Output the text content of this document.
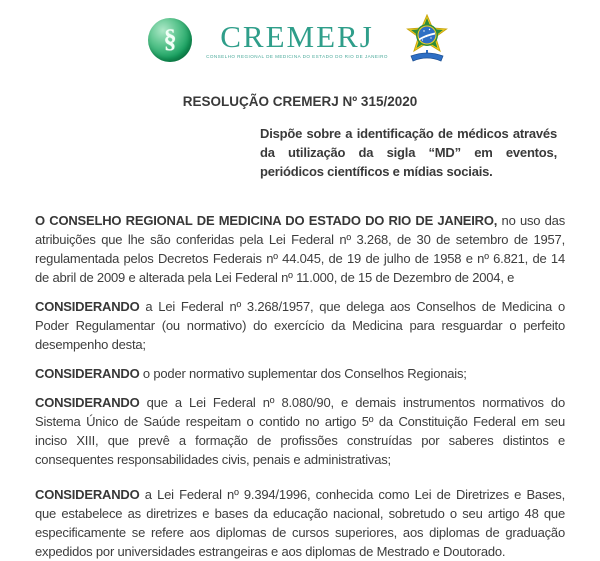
§ CREMERJ
CONSELHO REGIONAL DE MEDICINA DO ESTADO DO RIO DE JANEIRO
RESOLUÇÃO CREMERJ Nº 315/2020
Dispõe sobre a identificação de médicos através da utilização da sigla “MD” em eventos, periódicos científicos e mídias sociais.
O CONSELHO REGIONAL DE MEDICINA DO ESTADO DO RIO DE JANEIRO, no uso das atribuições que lhe são conferidas pela Lei Federal nº 3.268, de 30 de setembro de 1957, regulamentada pelos Decretos Federais nº 44.045, de 19 de julho de 1958 e nº 6.821, de 14 de abril de 2009 e alterada pela Lei Federal nº 11.000, de 15 de Dezembro de 2004, e
CONSIDERANDO a Lei Federal nº 3.268/1957, que delega aos Conselhos de Medicina o Poder Regulamentar (ou normativo) do exercício da Medicina para resguardar o perfeito desempenho desta;
CONSIDERANDO o poder normativo suplementar dos Conselhos Regionais;
CONSIDERANDO que a Lei Federal nº 8.080/90, e demais instrumentos normativos do Sistema Único de Saúde respeitam o contido no artigo 5º da Constituição Federal em seu inciso XIII, que prevê a formação de profissões construídas por saberes distintos e consequentes responsabilidades civis, penais e administrativas;
CONSIDERANDO a Lei Federal nº 9.394/1996, conhecida como Lei de Diretrizes e Bases, que estabelece as diretrizes e bases da educação nacional, sobretudo o seu artigo 48 que especificamente se refere aos diplomas de cursos superiores, aos diplomas de graduação expedidos por universidades estrangeiras e aos diplomas de Mestrado e Doutorado.
